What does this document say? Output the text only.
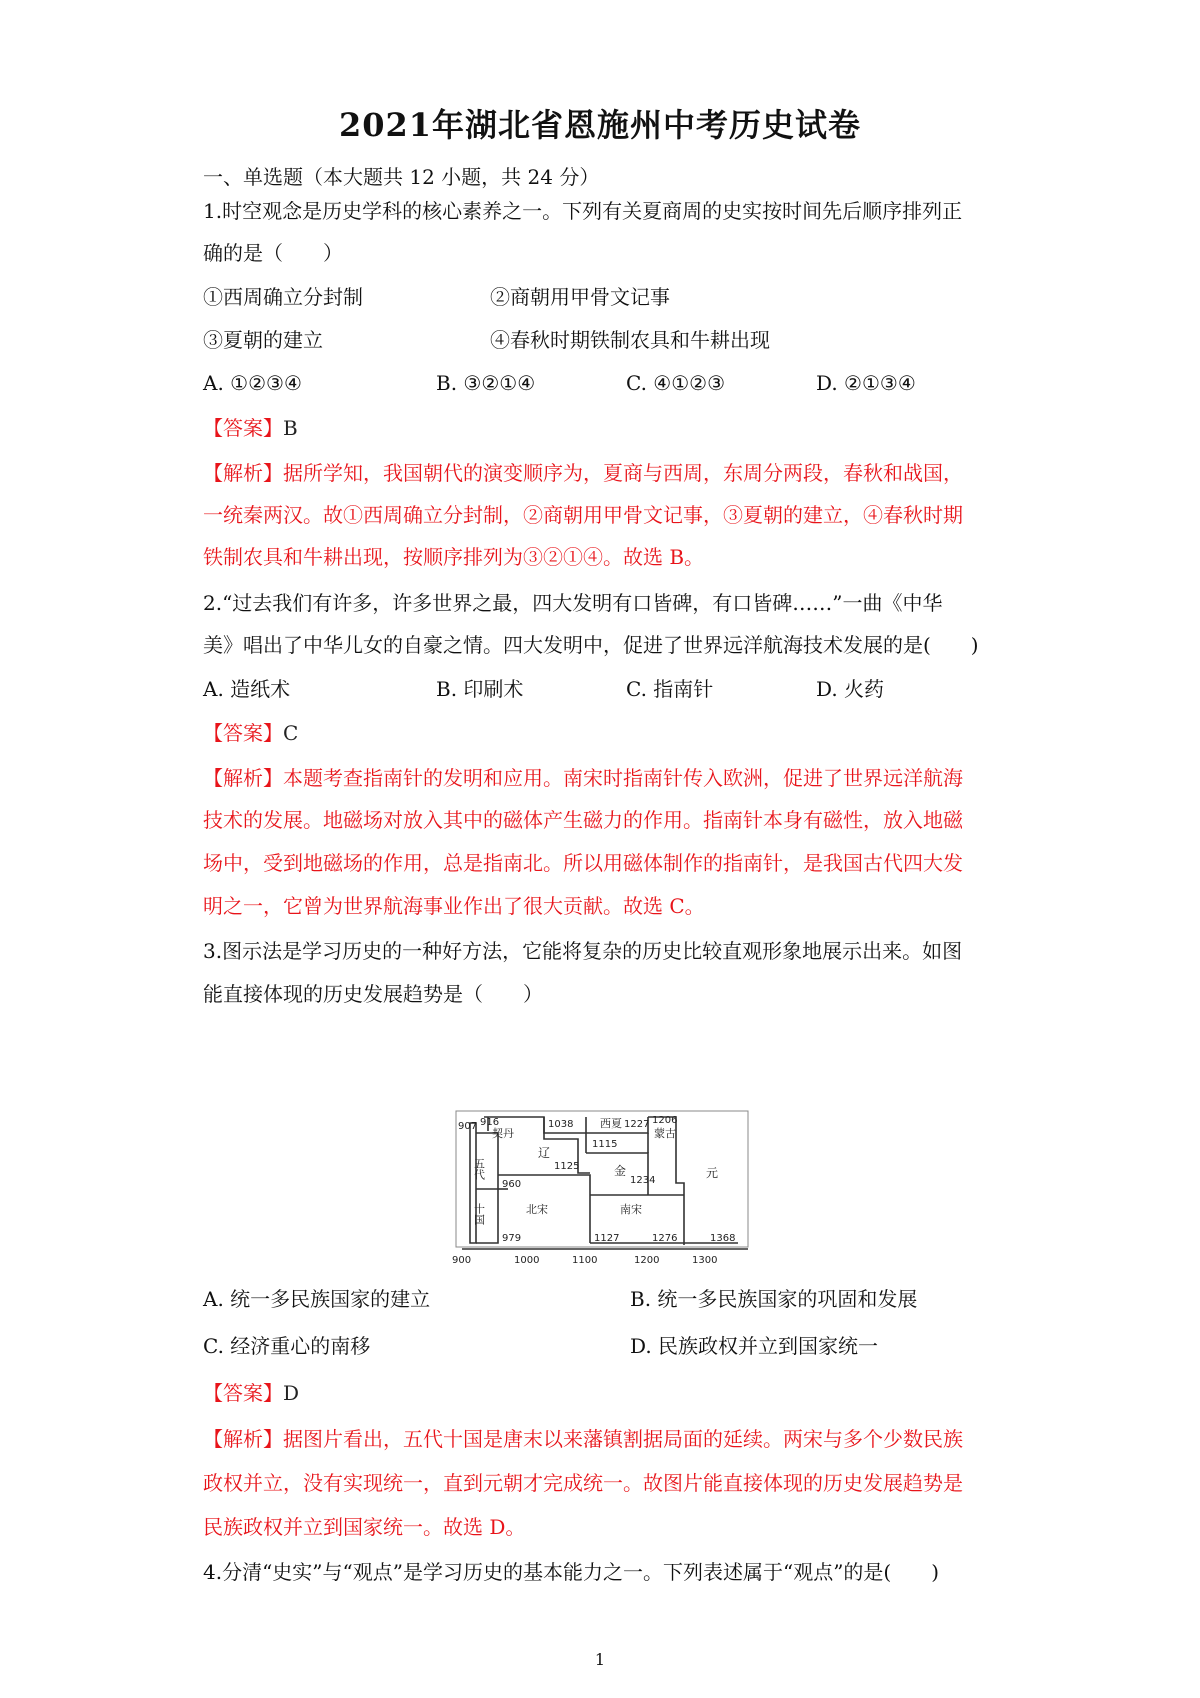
2021年湖北省恩施州中考历史试卷
一、单选题（本大题共 12 小题，共 24 分）
1.时空观念是历史学科的核心素养之一。下列有关夏商周的史实按时间先后顺序排列正
确的是（　　）
①西周确立分封制	②商朝用甲骨文记事
③夏朝的建立	④春秋时期铁制农具和牛耕出现
A. ①②③④	B. ③②①④	C. ④①②③	D. ②①③④
【答案】B
【解析】据所学知，我国朝代的演变顺序为，夏商与西周，东周分两段，春秋和战国，
一统秦两汉。故①西周确立分封制，②商朝用甲骨文记事，③夏朝的建立，④春秋时期
铁制农具和牛耕出现，按顺序排列为③②①④。故选 B。
2.“过去我们有许多，许多世界之最，四大发明有口皆碑，有口皆碑……”一曲《中华
美》唱出了中华儿女的自豪之情。四大发明中，促进了世界远洋航海技术发展的是(　　)
A. 造纸术	B. 印刷术	C. 指南针	D. 火药
【答案】C
【解析】本题考查指南针的发明和应用。南宋时指南针传入欧洲，促进了世界远洋航海
技术的发展。地磁场对放入其中的磁体产生磁力的作用。指南针本身有磁性，放入地磁
场中，受到地磁场的作用，总是指南北。所以用磁体制作的指南针，是我国古代四大发
明之一，它曾为世界航海事业作出了很大贡献。故选 C。
3.图示法是学习历史的一种好方法，它能将复杂的历史比较直观形象地展示出来。如图
能直接体现的历史发展趋势是（　　）
907 916	1038	1227 1206
1115
1125
1234
960
979	1127	1276	1368
契丹
辽
西夏
蒙古
金	元
五代
十国	北宋	南宋
900	1000	1100	1200	1300
A. 统一多民族国家的建立	B. 统一多民族国家的巩固和发展
C. 经济重心的南移	D. 民族政权并立到国家统一
【答案】D
【解析】据图片看出，五代十国是唐末以来藩镇割据局面的延续。两宋与多个少数民族
政权并立，没有实现统一，直到元朝才完成统一。故图片能直接体现的历史发展趋势是
民族政权并立到国家统一。故选 D。
4.分清“史实”与“观点”是学习历史的基本能力之一。下列表述属于“观点”的是(　　)
1
